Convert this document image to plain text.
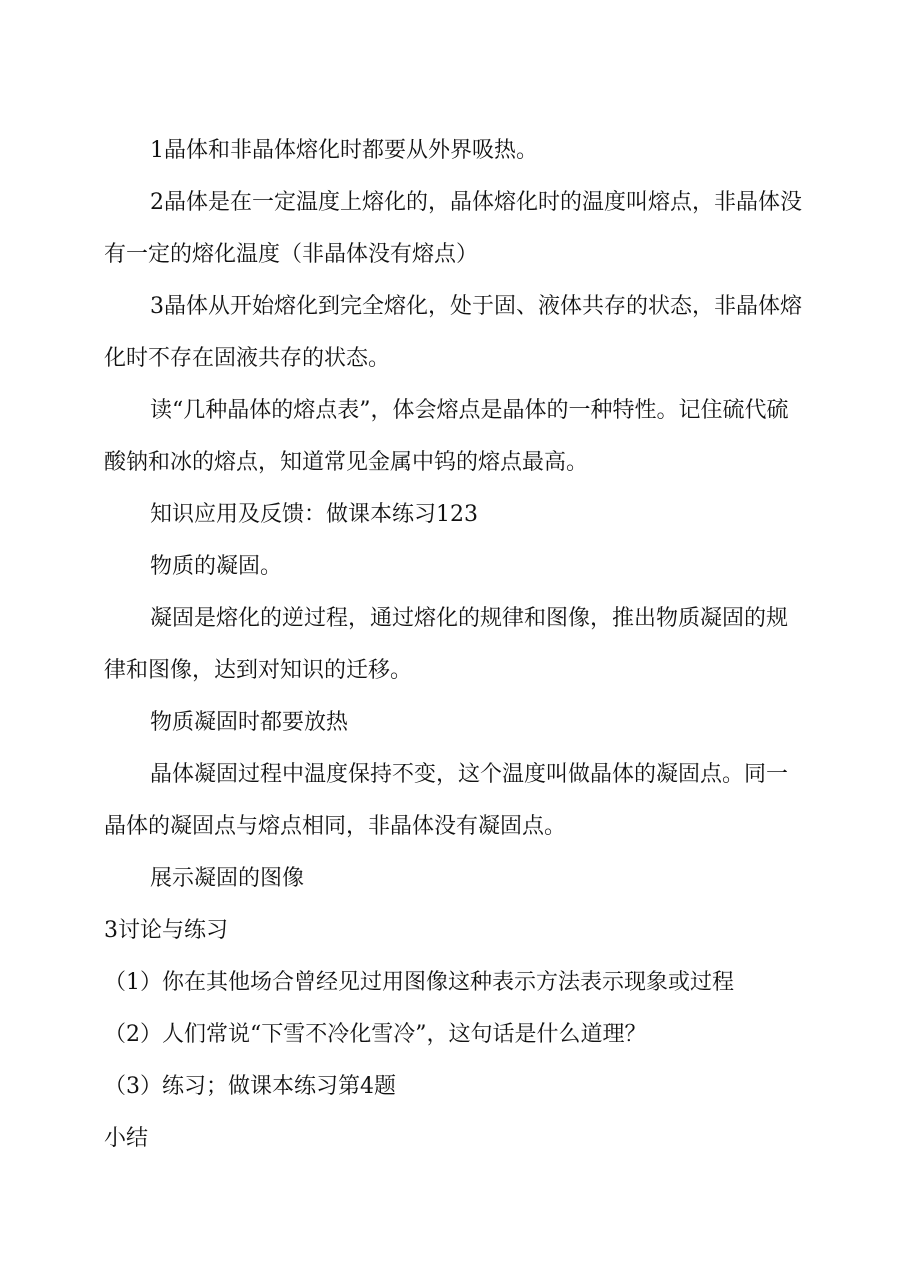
1晶体和非晶体熔化时都要从外界吸热。

2晶体是在一定温度上熔化的，晶体熔化时的温度叫熔点，非晶体没有一定的熔化温度（非晶体没有熔点）

3晶体从开始熔化到完全熔化，处于固、液体共存的状态，非晶体熔化时不存在固液共存的状态。

读“几种晶体的熔点表”，体会熔点是晶体的一种特性。记住硫代硫酸钠和冰的熔点，知道常见金属中钨的熔点最高。

知识应用及反馈：做课本练习123

物质的凝固。

凝固是熔化的逆过程，通过熔化的规律和图像，推出物质凝固的规律和图像，达到对知识的迁移。

物质凝固时都要放热

晶体凝固过程中温度保持不变，这个温度叫做晶体的凝固点。同一晶体的凝固点与熔点相同，非晶体没有凝固点。

展示凝固的图像

3讨论与练习

（1）你在其他场合曾经见过用图像这种表示方法表示现象或过程

（2）人们常说“下雪不冷化雪冷”，这句话是什么道理？

（3）练习；做课本练习第4题

小结
